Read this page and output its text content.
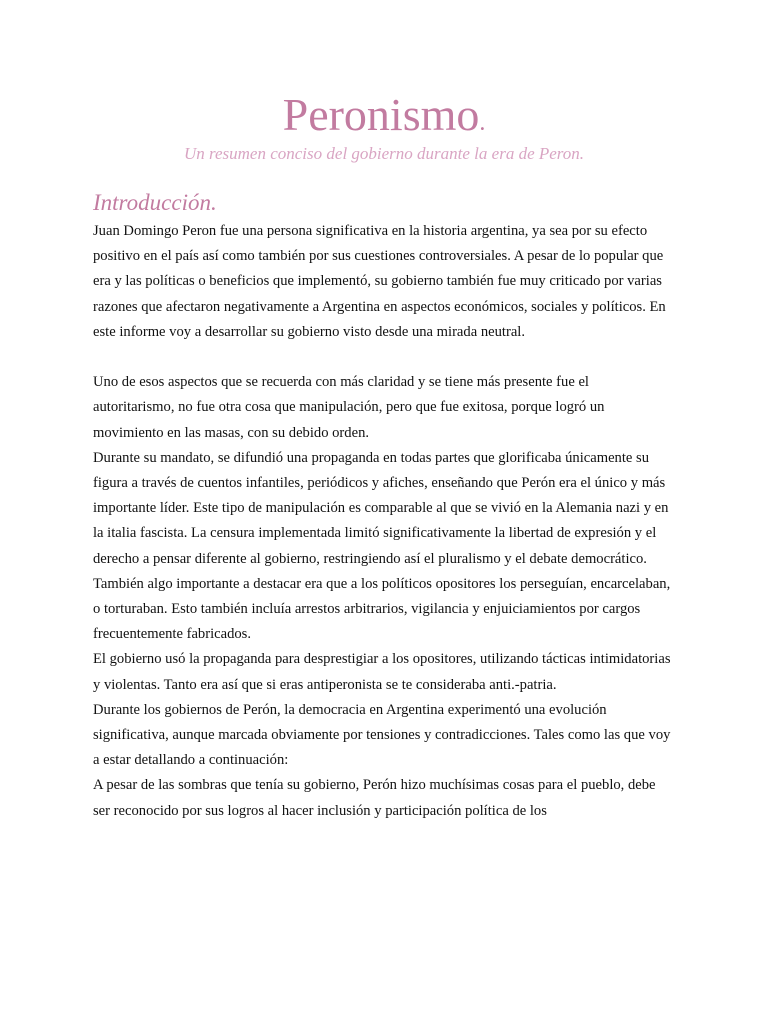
Peronismo.

Un resumen conciso del gobierno durante la era de Peron.

Introducción.

Juan Domingo Peron fue una persona significativa en la historia argentina, ya sea por su efecto positivo en el país así como también por sus cuestiones controversiales. A pesar de lo popular que era y las políticas o beneficios que implementó, su gobierno también fue muy criticado por varias razones que afectaron negativamente a Argentina en aspectos económicos, sociales y políticos. En este informe voy a desarrollar su gobierno visto desde una mirada neutral.

Uno de esos aspectos que se recuerda con más claridad y se tiene más presente fue el autoritarismo, no fue otra cosa que manipulación, pero que fue exitosa, porque logró un movimiento en las masas, con su debido orden.

Durante su mandato, se difundió una propaganda en todas partes que glorificaba únicamente su figura a través de cuentos infantiles, periódicos y afiches, enseñando que Perón era el único y más importante líder. Este tipo de manipulación es comparable al que se vivió en la Alemania nazi y en la italia fascista. La censura implementada limitó significativamente la libertad de expresión y el derecho a pensar diferente al gobierno, restringiendo así el pluralismo y el debate democrático.

También algo importante a destacar era que a los políticos opositores los perseguían, encarcelaban, o torturaban. Esto también incluía arrestos arbitrarios, vigilancia y enjuiciamientos por cargos frecuentemente fabricados.

El gobierno usó la propaganda para desprestigiar a los opositores, utilizando tácticas intimidatorias y violentas. Tanto era así que si eras antiperonista se te consideraba anti.-patria.

Durante los gobiernos de Perón, la democracia en Argentina experimentó una evolución significativa, aunque marcada obviamente por tensiones y contradicciones. Tales como las que voy a estar detallando a continuación:

A pesar de las sombras que tenía su gobierno, Perón hizo muchísimas cosas para el pueblo, debe ser reconocido por sus logros al hacer inclusión y participación política de los
